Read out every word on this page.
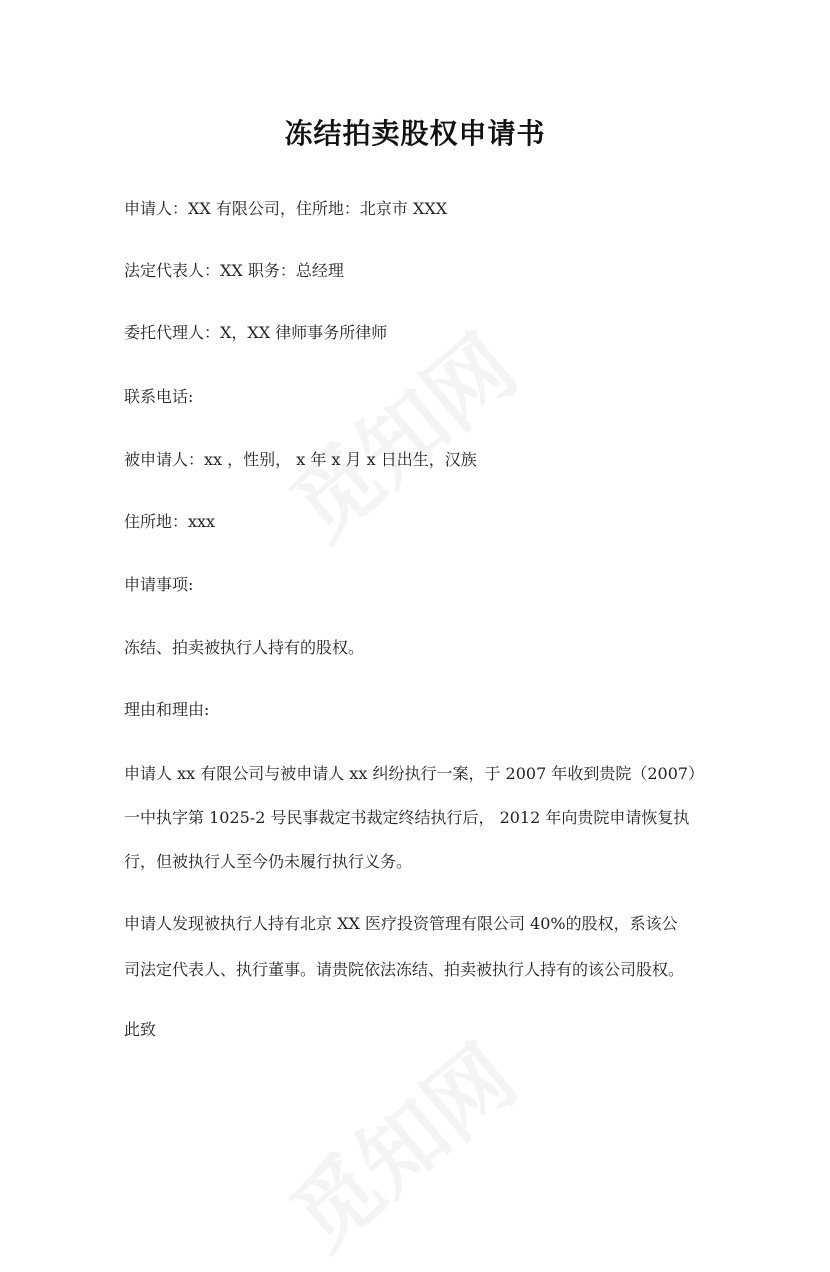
冻结拍卖股权申请书
申请人：XX 有限公司，住所地：北京市 XXX
法定代表人：XX 职务：总经理
委托代理人：X，XX 律师事务所律师
联系电话:
被申请人：xx ，性别， x 年 x 月 x 日出生，汉族
住所地：xxx
申请事项:
冻结、拍卖被执行人持有的股权。
理由和理由:
申请人 xx 有限公司与被申请人 xx 纠纷执行一案，于 2007 年收到贵院（2007）
一中执字第 1025-2 号民事裁定书裁定终结执行后， 2012 年向贵院申请恢复执
行，但被执行人至今仍未履行执行义务。
申请人发现被执行人持有北京 XX 医疗投资管理有限公司 40%的股权，系该公
司法定代表人、执行董事。请贵院依法冻结、拍卖被执行人持有的该公司股权。
此致
